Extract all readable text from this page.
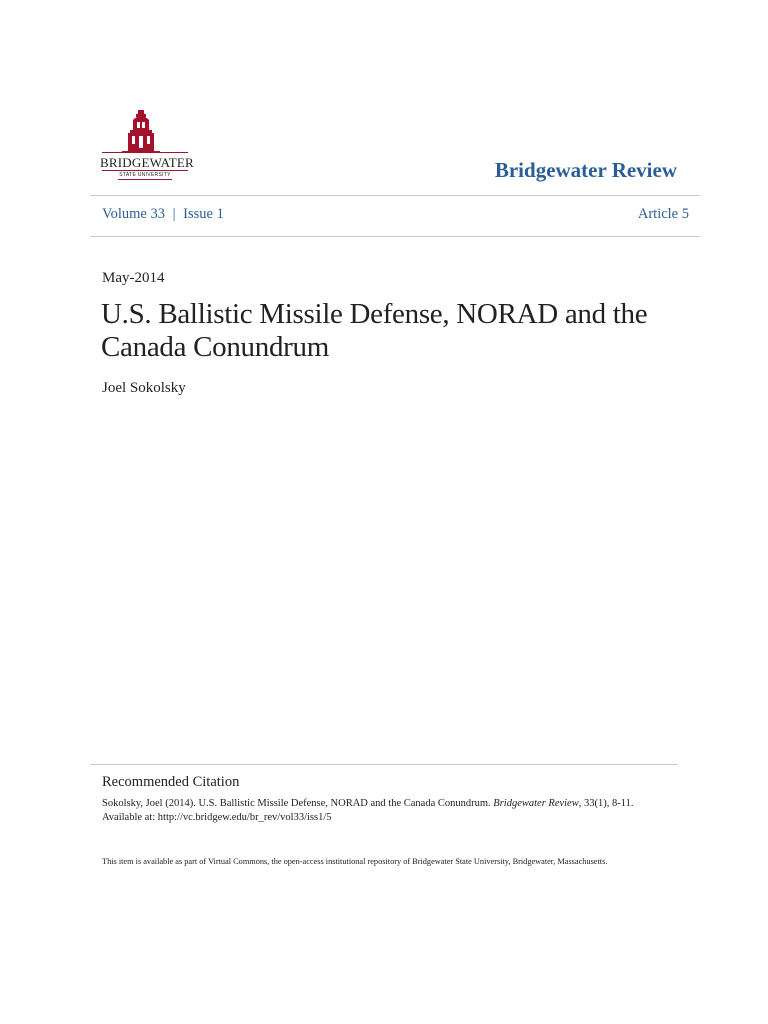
BRIDGEWATER
STATE UNIVERSITY	Bridgewater Review
Volume 33 | Issue 1	Article 5
May-2014
U.S. Ballistic Missile Defense, NORAD and the
Canada Conundrum
Joel Sokolsky
Recommended Citation
Sokolsky, Joel (2014). U.S. Ballistic Missile Defense, NORAD and the Canada Conundrum. Bridgewater Review, 33(1), 8-11.
Available at: http://vc.bridgew.edu/br_rev/vol33/iss1/5
This item is available as part of Virtual Commons, the open-access institutional repository of Bridgewater State University, Bridgewater, Massachusetts.
